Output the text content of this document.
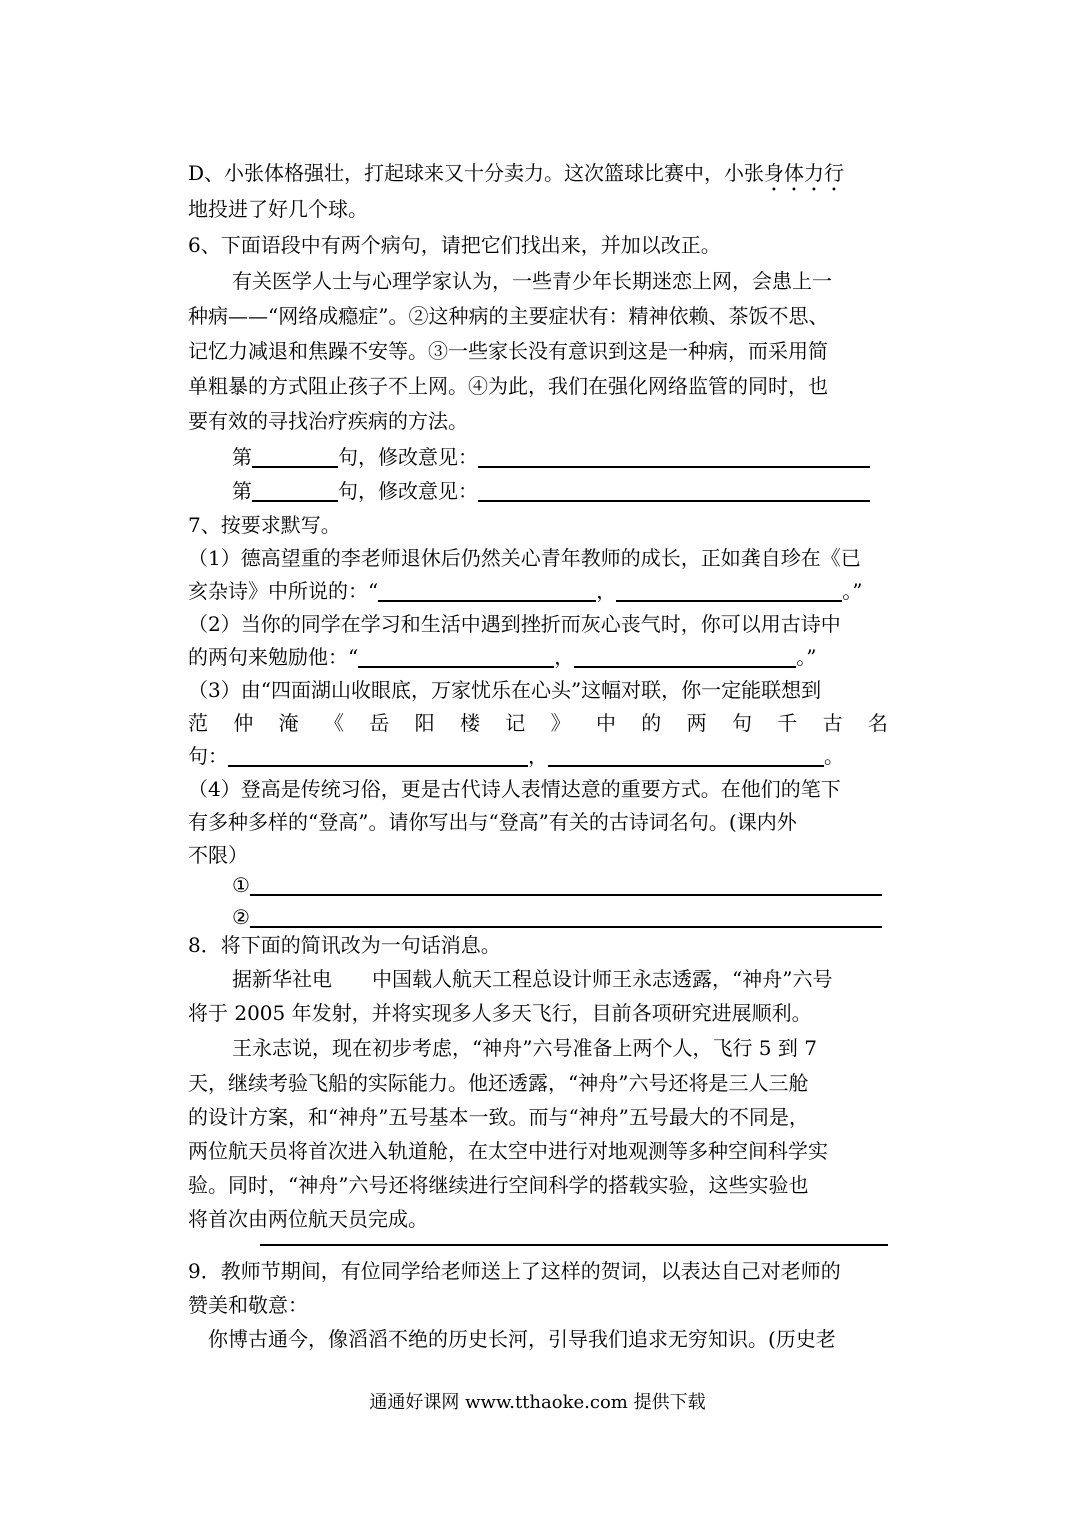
D、小张体格强壮，打起球来又十分卖力。这次篮球比赛中，小张身体力行
地投进了好几个球。
6、下面语段中有两个病句，请把它们找出来，并加以改正。
有关医学人士与心理学家认为，一些青少年长期迷恋上网，会患上一
种病——“网络成瘾症”。②这种病的主要症状有：精神依赖、茶饭不思、
记忆力减退和焦躁不安等。③一些家长没有意识到这是一种病，而采用简
单粗暴的方式阻止孩子不上网。④为此，我们在强化网络监管的同时，也
要有效的寻找治疗疾病的方法。
第	句，修改意见：
第	句，修改意见：
7、按要求默写。
（1）德高望重的李老师退休后仍然关心青年教师的成长，正如龚自珍在《已
亥杂诗》中所说的：“	，	。”
（2）当你的同学在学习和生活中遇到挫折而灰心丧气时，你可以用古诗中
的两句来勉励他：“	，	。”
（3）由“四面湖山收眼底，万家忧乐在心头”这幅对联，你一定能联想到
范 仲 淹 《 岳 阳 楼 记 》 中 的 两 句 千 古 名
句：	，	。
（4）登高是传统习俗，更是古代诗人表情达意的重要方式。在他们的笔下
有多种多样的“登高”。请你写出与“登高”有关的古诗词名句。(课内外
不限）
①
②
8．将下面的简讯改为一句话消息。
据新华社电　　中国载人航天工程总设计师王永志透露，“神舟”六号
将于 2005 年发射，并将实现多人多天飞行，目前各项研究进展顺利。
王永志说，现在初步考虑，“神舟”六号准备上两个人，飞行 5 到 7
天，继续考验飞船的实际能力。他还透露，“神舟”六号还将是三人三舱
的设计方案，和“神舟”五号基本一致。而与“神舟”五号最大的不同是，
两位航天员将首次进入轨道舱，在太空中进行对地观测等多种空间科学实
验。同时，“神舟”六号还将继续进行空间科学的搭载实验，这些实验也
将首次由两位航天员完成。
9．教师节期间，有位同学给老师送上了这样的贺词，以表达自己对老师的
赞美和敬意：
你博古通今，像滔滔不绝的历史长河，引导我们追求无穷知识。(历史老
通通好课网 www.tthaoke.com 提供下载
